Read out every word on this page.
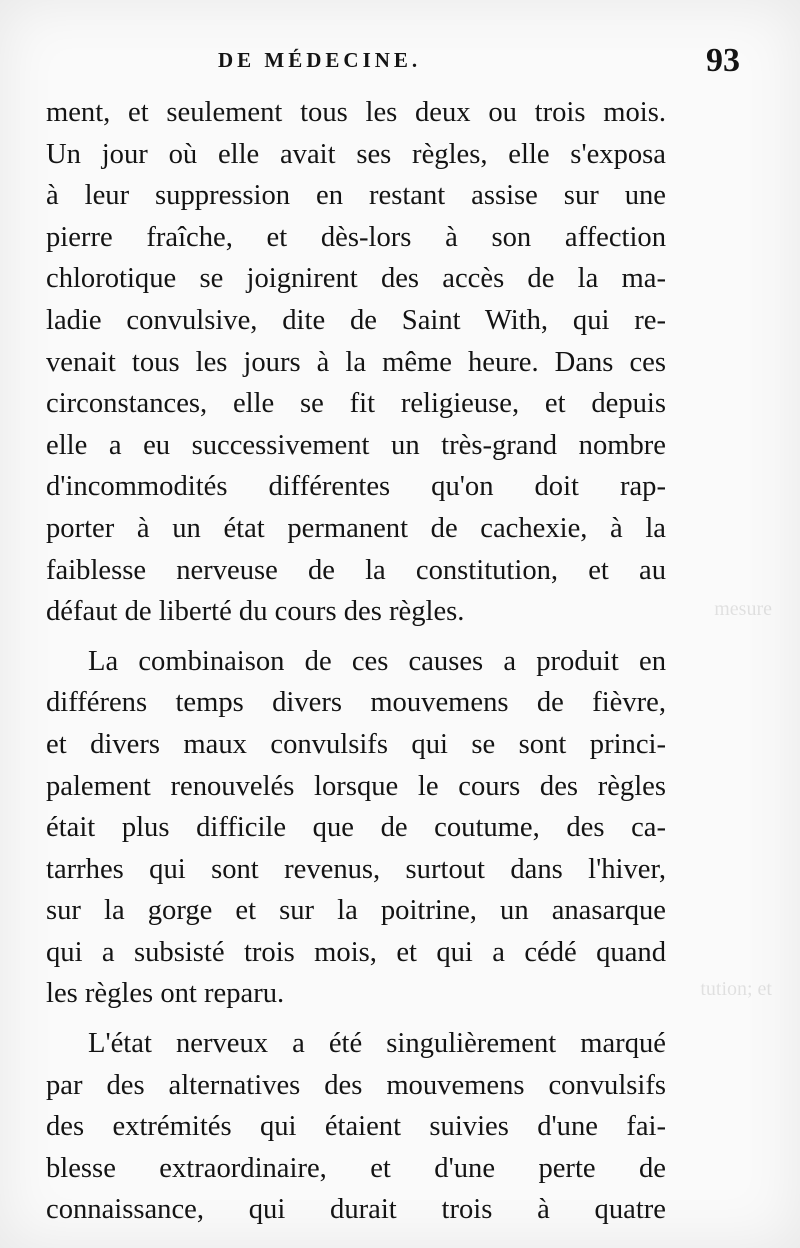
DE MÉDECINE.	93
mesure
tution; et
ment, et seulement tous les deux ou trois mois.
Un jour où elle avait ses règles, elle s'exposa
à leur suppression en restant assise sur une
pierre fraîche, et dès-lors à son affection
chlorotique se joignirent des accès de la ma-
ladie convulsive, dite de Saint With, qui re-
venait tous les jours à la même heure. Dans ces
circonstances, elle se fit religieuse, et depuis
elle a eu successivement un très-grand nombre
d'incommodités différentes qu'on doit rap-
porter à un état permanent de cachexie, à la
faiblesse nerveuse de la constitution, et au
défaut de liberté du cours des règles.
La combinaison de ces causes a produit en
différens temps divers mouvemens de fièvre,
et divers maux convulsifs qui se sont princi-
palement renouvelés lorsque le cours des règles
était plus difficile que de coutume, des ca-
tarrhes qui sont revenus, surtout dans l'hiver,
sur la gorge et sur la poitrine, un anasarque
qui a subsisté trois mois, et qui a cédé quand
les règles ont reparu.
L'état nerveux a été singulièrement marqué
par des alternatives des mouvemens convulsifs
des extrémités qui étaient suivies d'une fai-
blesse extraordinaire, et d'une perte de
connaissance, qui durait trois à quatre
